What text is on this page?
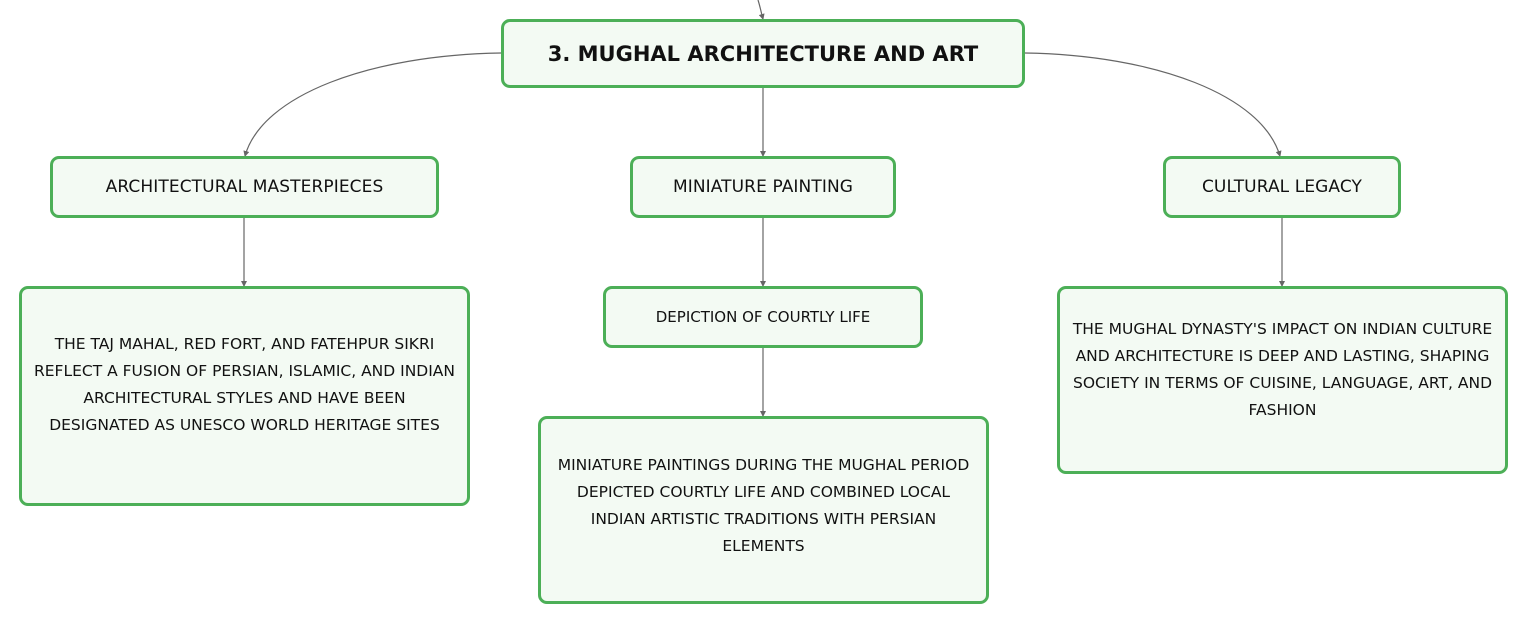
3. MUGHAL ARCHITECTURE AND ART
ARCHITECTURAL MASTERPIECES	MINIATURE PAINTING	CULTURAL LEGACY
DEPICTION OF COURTLY LIFE
THE TAJ MAHAL, RED FORT, AND FATEHPUR SIKRI REFLECT A FUSION OF PERSIAN, ISLAMIC, AND INDIAN ARCHITECTURAL STYLES AND HAVE BEEN DESIGNATED AS UNESCO WORLD HERITAGE SITES
MINIATURE PAINTINGS DURING THE MUGHAL PERIOD DEPICTED COURTLY LIFE AND COMBINED LOCAL INDIAN ARTISTIC TRADITIONS WITH PERSIAN ELEMENTS
THE MUGHAL DYNASTY'S IMPACT ON INDIAN CULTURE AND ARCHITECTURE IS DEEP AND LASTING, SHAPING SOCIETY IN TERMS OF CUISINE, LANGUAGE, ART, AND FASHION
